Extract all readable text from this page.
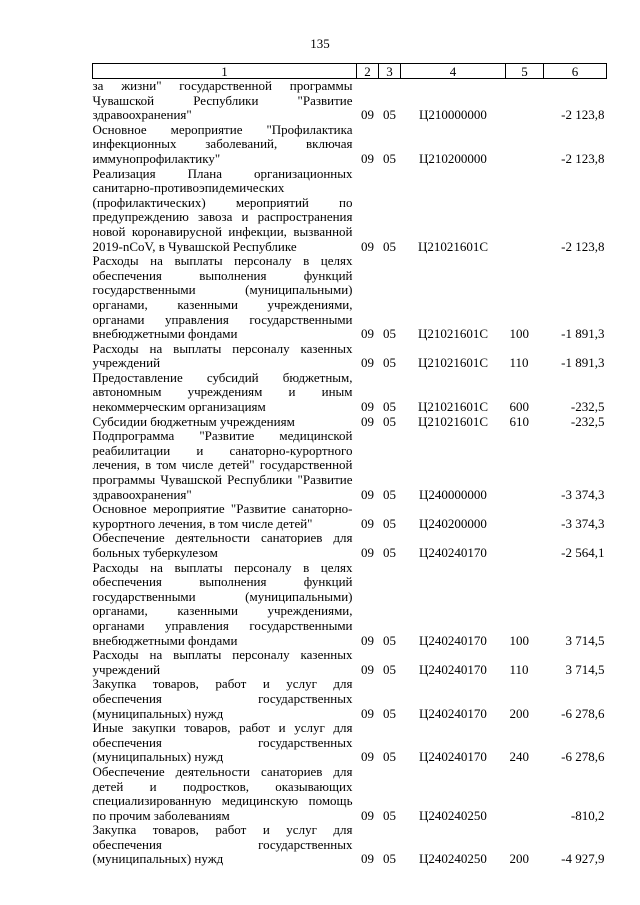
135
1	2	3	4	5	6
за жизни" государственной программы Чувашской Республики "Развитие здравоохранения"	09	05	Ц210000000		-2 123,8
Основное мероприятие "Профилактика инфекционных заболеваний, включая иммунопрофилактику"	09	05	Ц210200000		-2 123,8
Реализация Плана организационных санитарно-противоэпидемических (профилактических) мероприятий по предупреждению завоза и распространения новой коронавирусной инфекции, вызванной 2019-nCoV, в Чувашской Республике	09	05	Ц21021601С		-2 123,8
Расходы на выплаты персоналу в целях обеспечения выполнения функций государственными (муниципальными) органами, казенными учреждениями, органами управления государственными внебюджетными фондами	09	05	Ц21021601С	100	-1 891,3
Расходы на выплаты персоналу казенных учреждений	09	05	Ц21021601С	110	-1 891,3
Предоставление субсидий бюджетным, автономным учреждениям и иным некоммерческим организациям	09	05	Ц21021601С	600	-232,5
Субсидии бюджетным учреждениям	09	05	Ц21021601С	610	-232,5
Подпрограмма "Развитие медицинской реабилитации и санаторно-курортного лечения, в том числе детей" государственной программы Чувашской Республики "Развитие здравоохранения"	09	05	Ц240000000		-3 374,3
Основное мероприятие "Развитие санаторно-курортного лечения, в том числе детей"	09	05	Ц240200000		-3 374,3
Обеспечение деятельности санаториев для больных туберкулезом	09	05	Ц240240170		-2 564,1
Расходы на выплаты персоналу в целях обеспечения выполнения функций государственными (муниципальными) органами, казенными учреждениями, органами управления государственными внебюджетными фондами	09	05	Ц240240170	100	3 714,5
Расходы на выплаты персоналу казенных учреждений	09	05	Ц240240170	110	3 714,5
Закупка товаров, работ и услуг для обеспечения государственных (муниципальных) нужд	09	05	Ц240240170	200	-6 278,6
Иные закупки товаров, работ и услуг для обеспечения государственных (муниципальных) нужд	09	05	Ц240240170	240	-6 278,6
Обеспечение деятельности санаториев для детей и подростков, оказывающих специализированную медицинскую помощь по прочим заболеваниям	09	05	Ц240240250		-810,2
Закупка товаров, работ и услуг для обеспечения государственных (муниципальных) нужд	09	05	Ц240240250	200	-4 927,9
